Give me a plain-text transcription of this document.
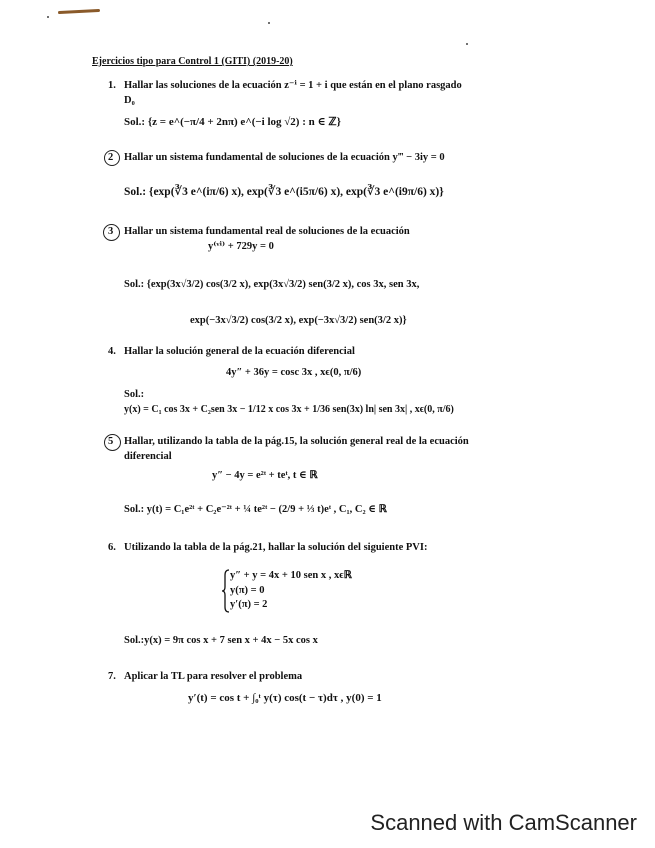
Ejercicios tipo para Control 1 (GITI) (2019-20)
1. Hallar las soluciones de la ecuación z⁻ⁱ = 1 + i que están en el plano rasgado
D₀
Sol.: {z = e^(−π/4 + 2nπ) e^(−i log √2) : n ∈ ℤ}
2 Hallar un sistema fundamental de soluciones de la ecuación y‴ − 3iy = 0
Sol.: {exp(∛3 e^(iπ/6) x), exp(∛3 e^(i5π/6) x), exp(∛3 e^(i9π/6) x)}
3 Hallar un sistema fundamental real de soluciones de la ecuación
y⁽ᵛⁱ⁾ + 729y = 0
Sol.: {exp(3x√3/2) cos(3/2 x), exp(3x√3/2) sen(3/2 x), cos 3x, sen 3x,
exp(−3x√3/2) cos(3/2 x), exp(−3x√3/2) sen(3/2 x)}
4. Hallar la solución general de la ecuación diferencial
4y″ + 36y = cosc 3x , xϵ(0, π/6)
Sol.:
y(x) = C₁ cos 3x + C₂sen 3x − 1/12 x cos 3x + 1/36 sen(3x) ln| sen 3x| , xϵ(0, π/6)
5 Hallar, utilizando la tabla de la pág.15, la solución general real de la ecuación
diferencial
y″ − 4y = e²ᵗ + teᵗ, t ∈ ℝ
Sol.: y(t) = C₁e²ᵗ + C₂e⁻²ᵗ + ¼ te²ᵗ − (2/9 + ⅓ t)eᵗ , C₁, C₂ ∈ ℝ
6. Utilizando la tabla de la pág.21, hallar la solución del siguiente PVI:
y″ + y = 4x + 10 sen x , xϵℝ
y(π) = 0
y′(π) = 2
Sol.:y(x) = 9π cos x + 7 sen x + 4x − 5x cos x
7. Aplicar la TL para resolver el problema
y′(t) = cos t + ∫₀ᵗ y(τ) cos(t − τ)dτ , y(0) = 1
Scanned with CamScanner
